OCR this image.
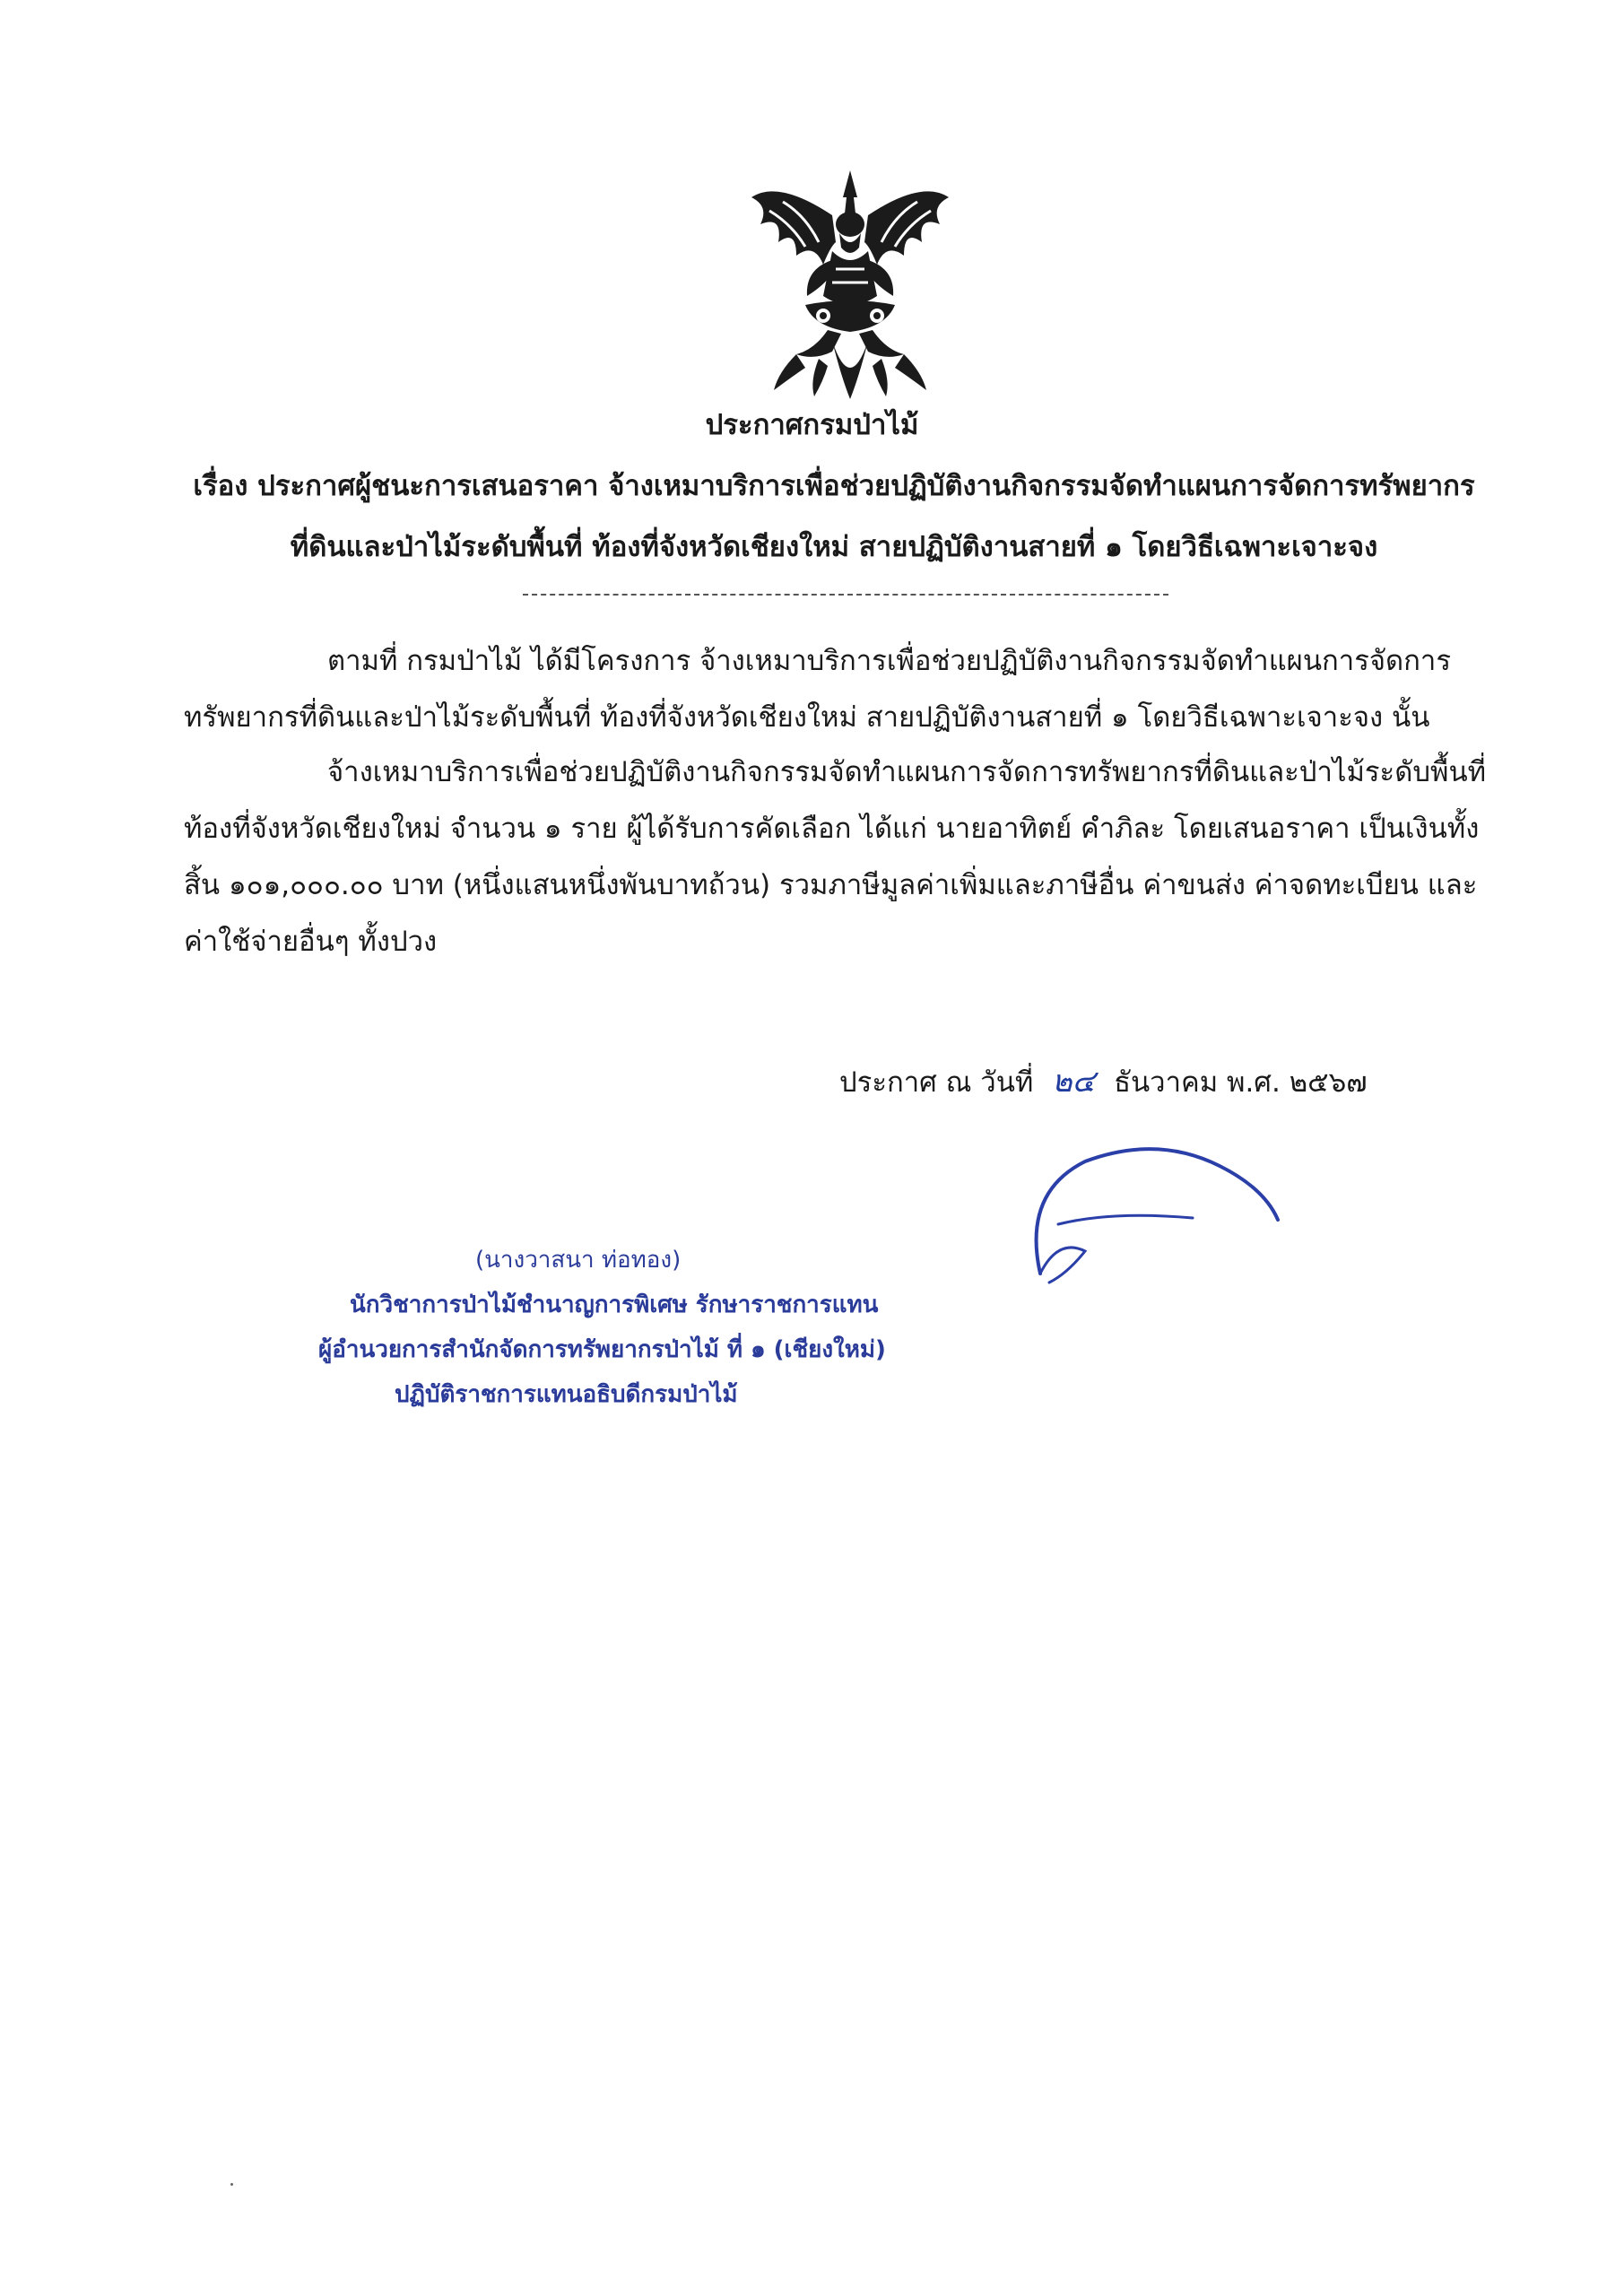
ประกาศกรมป่าไม้

เรื่อง ประกาศผู้ชนะการเสนอราคา จ้างเหมาบริการเพื่อช่วยปฏิบัติงานกิจกรรมจัดทำแผนการจัดการทรัพยากร
ที่ดินและป่าไม้ระดับพื้นที่ ท้องที่จังหวัดเชียงใหม่ สายปฏิบัติงานสายที่ ๑ โดยวิธีเฉพาะเจาะจง

ตามที่ กรมป่าไม้ ได้มีโครงการ จ้างเหมาบริการเพื่อช่วยปฏิบัติงานกิจกรรมจัดทำแผนการจัดการทรัพยากรที่ดินและป่าไม้ระดับพื้นที่ ท้องที่จังหวัดเชียงใหม่ สายปฏิบัติงานสายที่ ๑ โดยวิธีเฉพาะเจาะจง นั้น

จ้างเหมาบริการเพื่อช่วยปฏิบัติงานกิจกรรมจัดทำแผนการจัดการทรัพยากรที่ดินและป่าไม้ระดับพื้นที่ ท้องที่จังหวัดเชียงใหม่ จำนวน ๑ ราย ผู้ได้รับการคัดเลือก ได้แก่ นายอาทิตย์ คำภิละ โดยเสนอราคา เป็นเงินทั้งสิ้น ๑๐๑,๐๐๐.๐๐ บาท (หนึ่งแสนหนึ่งพันบาทถ้วน) รวมภาษีมูลค่าเพิ่มและภาษีอื่น ค่าขนส่ง ค่าจดทะเบียน และค่าใช้จ่ายอื่นๆ ทั้งปวง

ประกาศ ณ วันที่ ๒๔ ธันวาคม พ.ศ. ๒๕๖๗

(นางวาสนา ท่อทอง)
นักวิชาการป่าไม้ชำนาญการพิเศษ รักษาราชการแทน
ผู้อำนวยการสำนักจัดการทรัพยากรป่าไม้ ที่ ๑ (เชียงใหม่)
ปฏิบัติราชการแทนอธิบดีกรมป่าไม้
